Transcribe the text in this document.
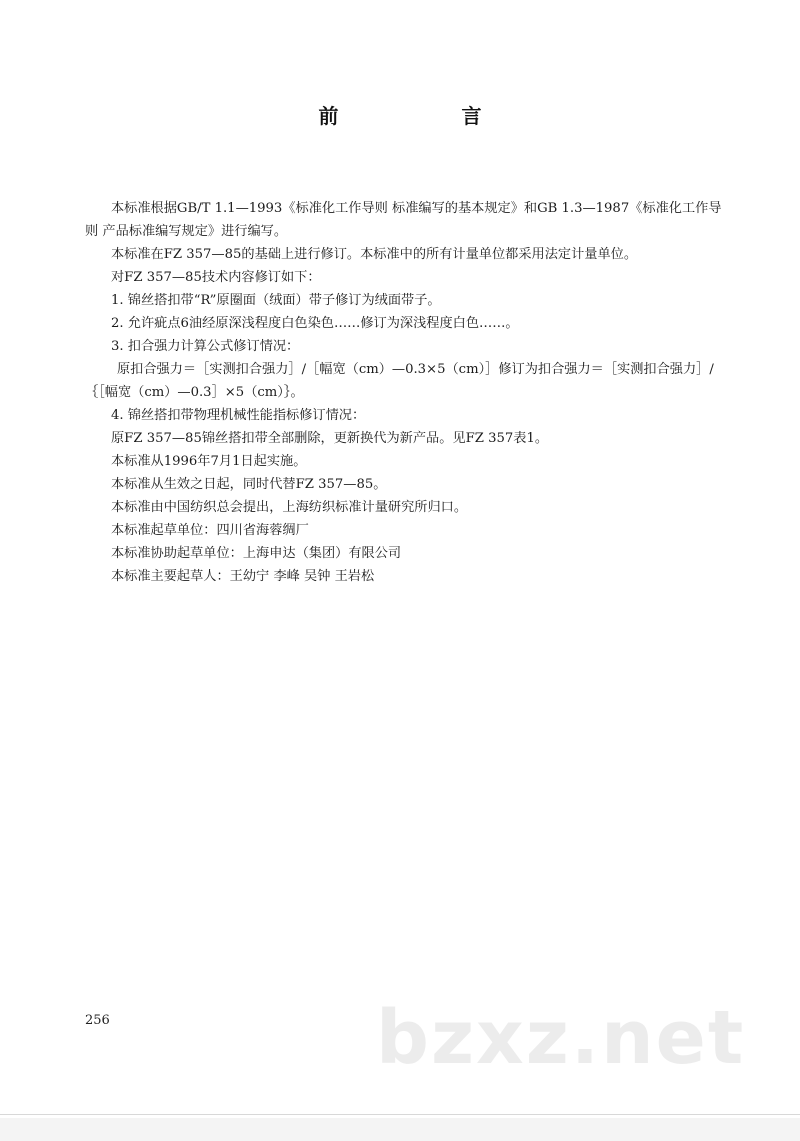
前 言

本标准根据GB/T 1.1—1993《标准化工作导则 标准编写的基本规定》和GB 1.3—1987《标准化工作导则 产品标准编写规定》进行编写。

本标准在FZ 357—85的基础上进行修订。本标准中的所有计量单位都采用法定计量单位。

对FZ 357—85技术内容修订如下：

1. 锦丝搭扣带“R”原圈面（绒面）带子修订为绒面带子。

2. 允许疵点6油经原深浅程度白色染色……修订为深浅程度白色……。

3. 扣合强力计算公式修订情况：

原扣合强力＝［实测扣合强力］/［幅宽（cm）—0.3×5（cm）］修订为扣合强力＝［实测扣合强力］/｛［幅宽（cm）—0.3］×5（cm）｝。

4. 锦丝搭扣带物理机械性能指标修订情况：

原FZ 357—85锦丝搭扣带全部删除，更新换代为新产品。见FZ 357表1。

本标准从1996年7月1日起实施。

本标准从生效之日起，同时代替FZ 357—85。

本标准由中国纺织总会提出，上海纺织标准计量研究所归口。

本标准起草单位：四川省海蓉绸厂

本标准协助起草单位：上海申达（集团）有限公司

本标准主要起草人：王幼宁 李峰 吴钟 王岩松

256	bzxz.net
